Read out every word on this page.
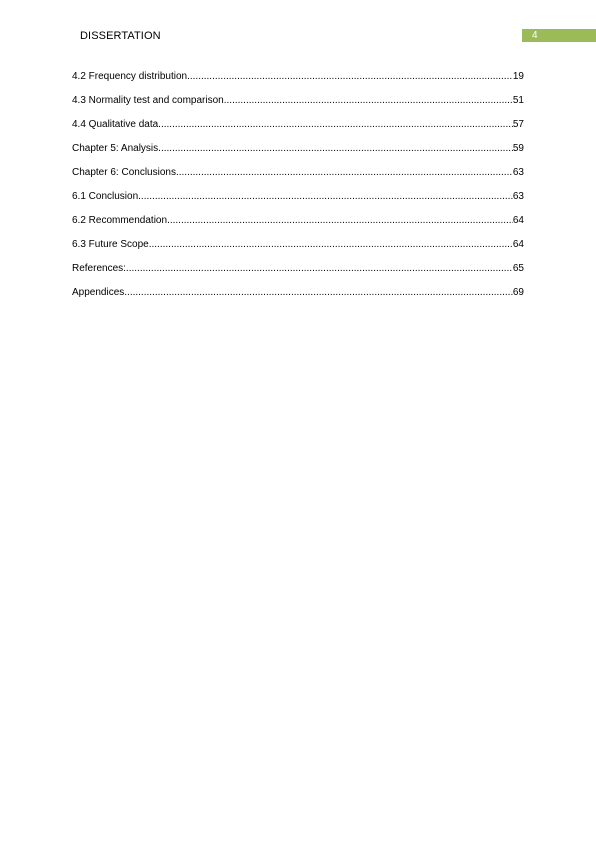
DISSERTATION	4
4.2 Frequency distribution .....	19
4.3 Normality test and comparison .....	51
4.4 Qualitative data .....	57
Chapter 5: Analysis .....	59
Chapter 6: Conclusions .....	63
6.1 Conclusion .....	63
6.2 Recommendation .....	64
6.3 Future Scope .....	64
References: .....	65
Appendices .....	69
